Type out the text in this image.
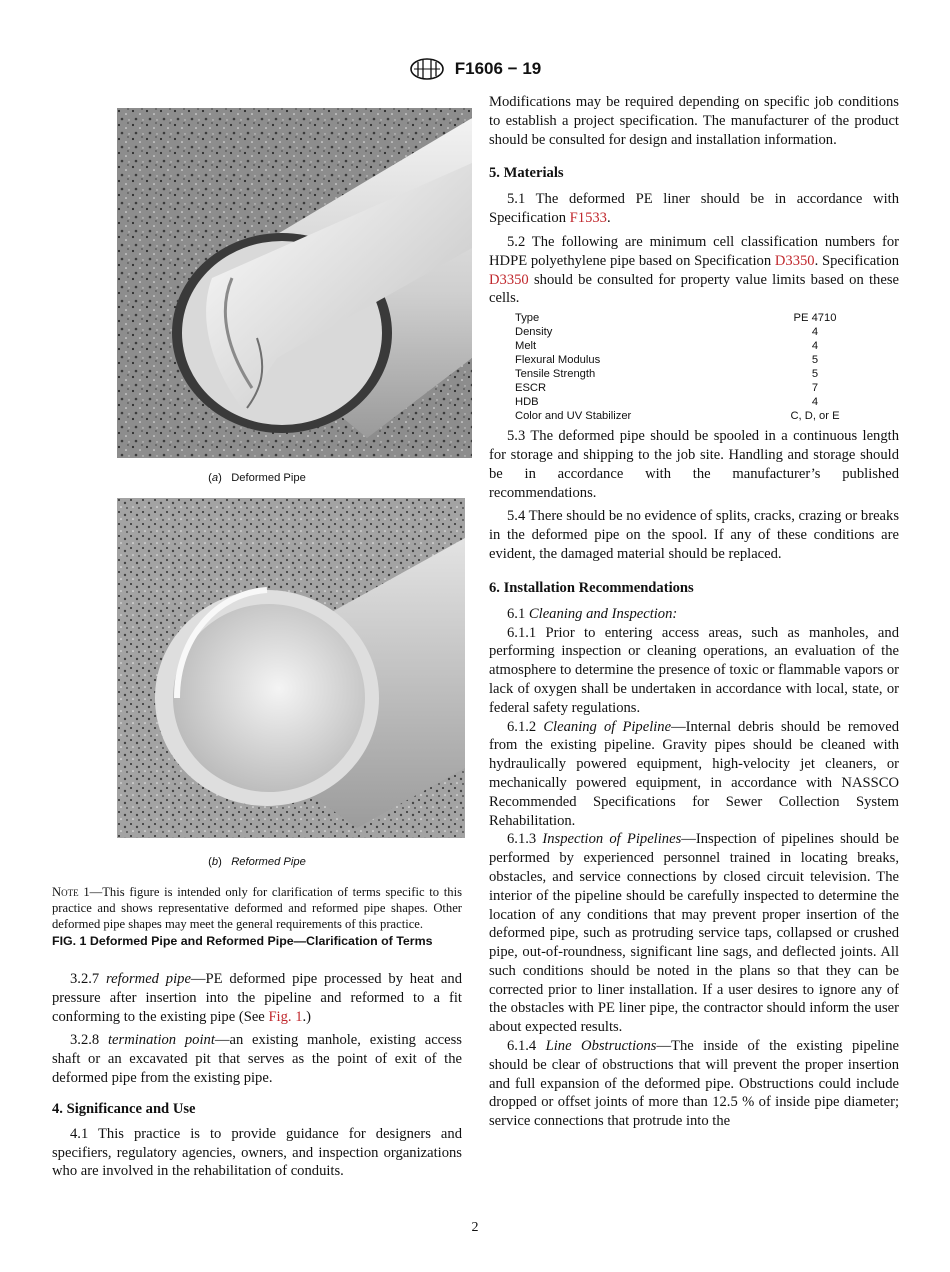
F1606 − 19
(a)   Deformed Pipe
(b)   Reformed Pipe
Note 1—This figure is intended only for clarification of terms specific to this practice and shows representative deformed and reformed pipe shapes. Other deformed pipe shapes may meet the general requirements of this practice.
FIG. 1 Deformed Pipe and Reformed Pipe—Clarification of Terms

3.2.7 reformed pipe—PE deformed pipe processed by heat and pressure after insertion into the pipeline and reformed to a fit conforming to the existing pipe (See Fig. 1.)

3.2.8 termination point—an existing manhole, existing access shaft or an excavated pit that serves as the point of exit of the deformed pipe from the existing pipe.

4. Significance and Use

4.1 This practice is to provide guidance for designers and specifiers, regulatory agencies, owners, and inspection organizations who are involved in the rehabilitation of conduits.

Modifications may be required depending on specific job conditions to establish a project specification. The manufacturer of the product should be consulted for design and installation information.

5. Materials

5.1 The deformed PE liner should be in accordance with Specification F1533.

5.2 The following are minimum cell classification numbers for HDPE polyethylene pipe based on Specification D3350. Specification D3350 should be consulted for property value limits based on these cells.

Type	PE 4710
Density	4
Melt	4
Flexural Modulus	5
Tensile Strength	5
ESCR	7
HDB	4
Color and UV Stabilizer	C, D, or E

5.3 The deformed pipe should be spooled in a continuous length for storage and shipping to the job site. Handling and storage should be in accordance with the manufacturer’s published recommendations.

5.4 There should be no evidence of splits, cracks, crazing or breaks in the deformed pipe on the spool. If any of these conditions are evident, the damaged material should be replaced.

6. Installation Recommendations

6.1 Cleaning and Inspection:

6.1.1 Prior to entering access areas, such as manholes, and performing inspection or cleaning operations, an evaluation of the atmosphere to determine the presence of toxic or flammable vapors or lack of oxygen shall be undertaken in accordance with local, state, or federal safety regulations.

6.1.2 Cleaning of Pipeline—Internal debris should be removed from the existing pipeline. Gravity pipes should be cleaned with hydraulically powered equipment, high-velocity jet cleaners, or mechanically powered equipment, in accordance with NASSCO Recommended Specifications for Sewer Collection System Rehabilitation.

6.1.3 Inspection of Pipelines—Inspection of pipelines should be performed by experienced personnel trained in locating breaks, obstacles, and service connections by closed circuit television. The interior of the pipeline should be carefully inspected to determine the location of any conditions that may prevent proper insertion of the deformed pipe, such as protruding service taps, collapsed or crushed pipe, out-of-roundness, significant line sags, and deflected joints. All such conditions should be noted in the plans so that they can be corrected prior to liner installation. If a user desires to ignore any of the obstacles with PE liner pipe, the contractor should inform the user about expected results.

6.1.4 Line Obstructions—The inside of the existing pipeline should be clear of obstructions that will prevent the proper insertion and full expansion of the deformed pipe. Obstructions could include dropped or offset joints of more than 12.5 % of inside pipe diameter; service connections that protrude into the

2
